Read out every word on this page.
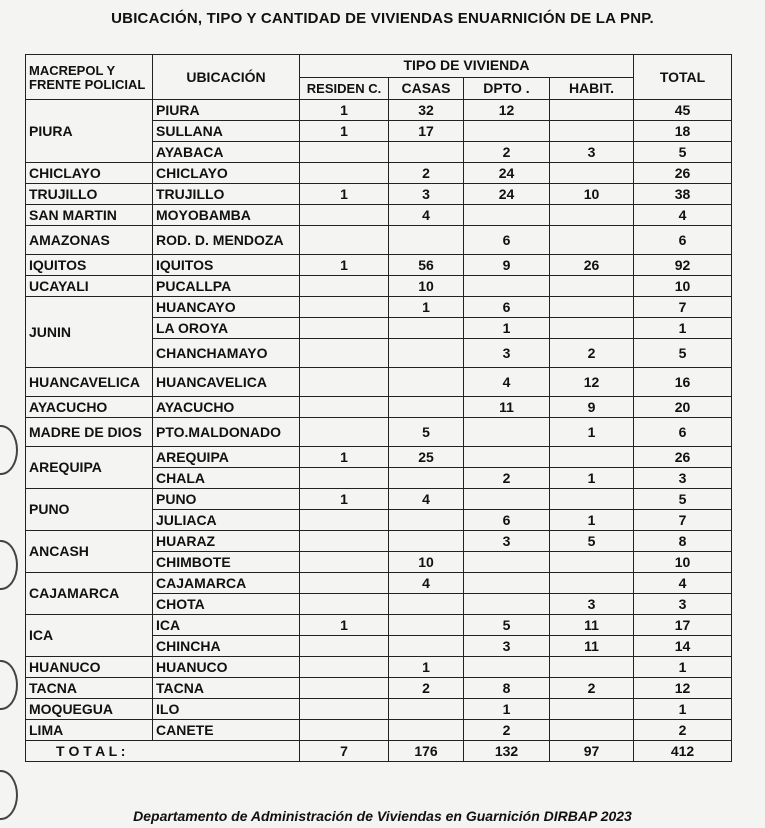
UBICACIÓN, TIPO Y CANTIDAD DE VIVIENDAS ENUARNICIÓN DE LA PNP.
MACREPOL Y
FRENTE POLICIAL	UBICACIÓN	TIPO DE VIVIENDA				TOTAL
		RESIDEN C.	CASAS	DPTO .	HABIT.	
PIURA	PIURA	1	32	12		45
	SULLANA	1	17			18
	AYABACA			2	3	5
CHICLAYO	CHICLAYO		2	24		26
TRUJILLO	TRUJILLO	1	3	24	10	38
SAN MARTIN	MOYOBAMBA		4			4
AMAZONAS	ROD. D. MENDOZA			6		6
IQUITOS	IQUITOS	1	56	9	26	92
UCAYALI	PUCALLPA		10			10
JUNIN	HUANCAYO		1	6		7
	LA OROYA			1		1
	CHANCHAMAYO			3	2	5
HUANCAVELICA	HUANCAVELICA			4	12	16
AYACUCHO	AYACUCHO			11	9	20
MADRE DE DIOS	PTO.MALDONADO		5		1	6
AREQUIPA	AREQUIPA	1	25			26
	CHALA			2	1	3
PUNO	PUNO	1	4			5
	JULIACA			6	1	7
ANCASH	HUARAZ			3	5	8
	CHIMBOTE		10			10
CAJAMARCA	CAJAMARCA		4			4
	CHOTA				3	3
ICA	ICA	1		5	11	17
	CHINCHA			3	11	14
HUANUCO	HUANUCO		1			1
TACNA	TACNA		2	8	2	12
MOQUEGUA	ILO			1		1
LIMA	CANETE			2		2
T O T A L :		7	176	132	97	412
Departamento de Administración de Viviendas en Guarnición DIRBAP 2023
